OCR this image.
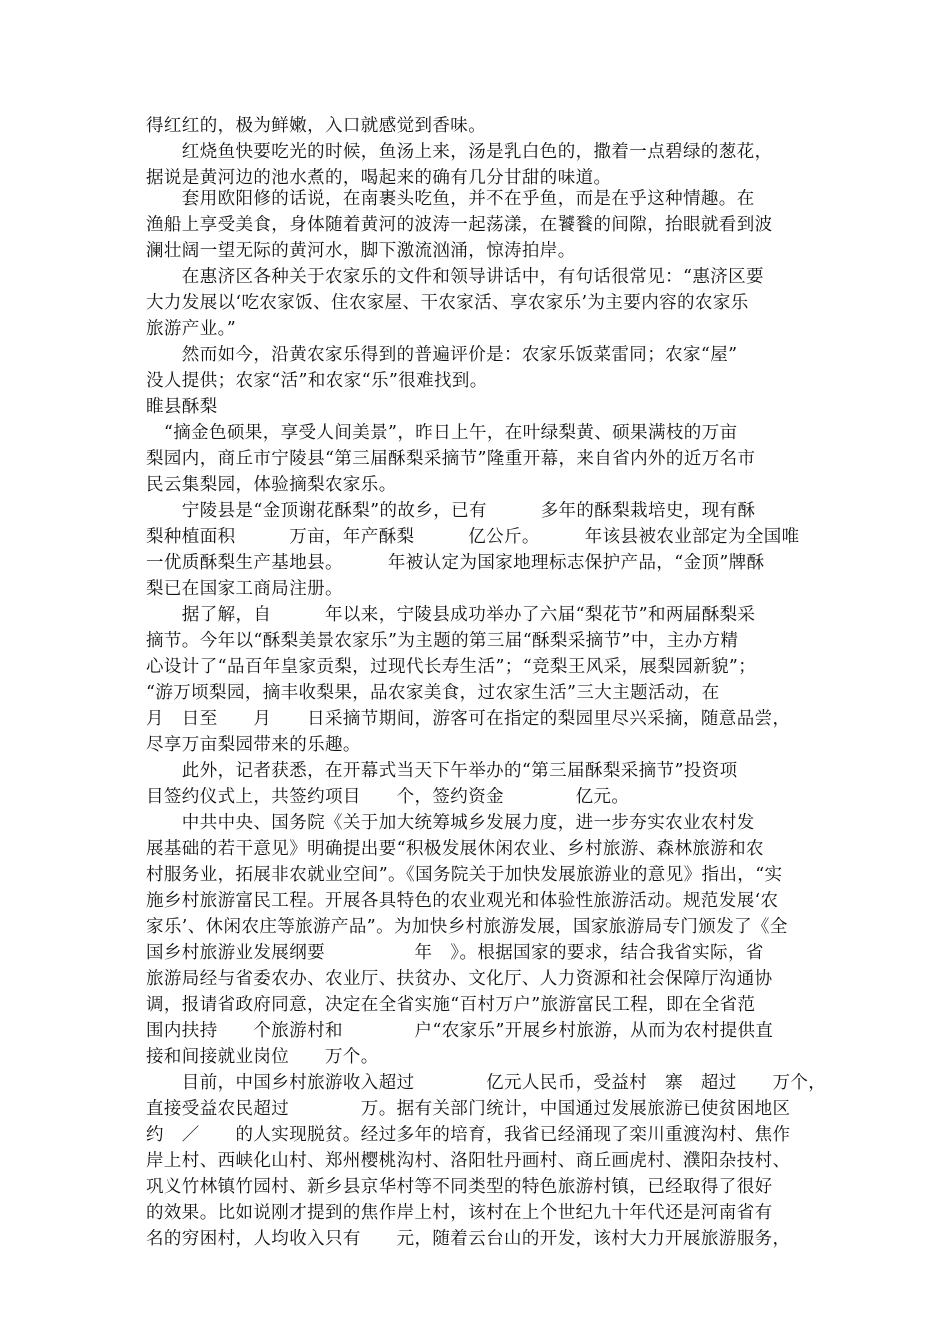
得红红的，极为鲜嫩，入口就感觉到香味。
　　红烧鱼快要吃光的时候，鱼汤上来，汤是乳白色的，撒着一点碧绿的葱花，
据说是黄河边的池水煮的，喝起来的确有几分甘甜的味道。
　　套用欧阳修的话说，在南裹头吃鱼，并不在乎鱼，而是在乎这种情趣。在
渔船上享受美食，身体随着黄河的波涛一起荡漾，在饕餮的间隙，抬眼就看到波
澜壮阔一望无际的黄河水，脚下激流汹涌，惊涛拍岸。
　　在惠济区各种关于农家乐的文件和领导讲话中，有句话很常见：“惠济区要
大力发展以‘吃农家饭、住农家屋、干农家活、享农家乐’为主要内容的农家乐
旅游产业。”
　　然而如今，沿黄农家乐得到的普遍评价是：农家乐饭菜雷同；农家“屋”
没人提供；农家“活”和农家“乐”很难找到。
睢县酥梨
　“摘金色硕果，享受人间美景”，昨日上午，在叶绿梨黄、硕果满枝的万亩
梨园内，商丘市宁陵县“第三届酥梨采摘节”隆重开幕，来自省内外的近万名市
民云集梨园，体验摘梨农家乐。
　　宁陵县是“金顶谢花酥梨”的故乡，已有　　　多年的酥梨栽培史，现有酥
梨种植面积　　　万亩，年产酥梨　　　亿公斤。　　　年该县被农业部定为全国唯
一优质酥梨生产基地县。　　　年被认定为国家地理标志保护产品，“金顶”牌酥
梨已在国家工商局注册。
　　据了解，自　　　年以来，宁陵县成功举办了六届“梨花节”和两届酥梨采
摘节。今年以“酥梨美景农家乐”为主题的第三届“酥梨采摘节”中，主办方精
心设计了“品百年皇家贡梨，过现代长寿生活”；“竞梨王风采，展梨园新貌”；
“游万顷梨园，摘丰收梨果，品农家美食，过农家生活”三大主题活动，在
月　日至　　月　　日采摘节期间，游客可在指定的梨园里尽兴采摘，随意品尝，
尽享万亩梨园带来的乐趣。
　　此外，记者获悉，在开幕式当天下午举办的“第三届酥梨采摘节”投资项
目签约仪式上，共签约项目　　个，签约资金　　　　亿元。
　　中共中央、国务院《关于加大统筹城乡发展力度，进一步夯实农业农村发
展基础的若干意见》明确提出要“积极发展休闲农业、乡村旅游、森林旅游和农
村服务业，拓展非农就业空间”。《国务院关于加快发展旅游业的意见》指出，“实
施乡村旅游富民工程。开展各具特色的农业观光和体验性旅游活动。规范发展‘农
家乐’、休闲农庄等旅游产品”。为加快乡村旅游发展，国家旅游局专门颁发了《全
国乡村旅游业发展纲要　　　　　年　》。根据国家的要求，结合我省实际，省
旅游局经与省委农办、农业厅、扶贫办、文化厅、人力资源和社会保障厅沟通协
调，报请省政府同意，决定在全省实施“百村万户”旅游富民工程，即在全省范
围内扶持　　个旅游村和　　　　户“农家乐”开展乡村旅游，从而为农村提供直
接和间接就业岗位　　万个。
　　目前，中国乡村旅游收入超过　　　　亿元人民币，受益村　寨　超过　　万个，
直接受益农民超过　　　　万。据有关部门统计，中国通过发展旅游已使贫困地区
约　／　　的人实现脱贫。经过多年的培育，我省已经涌现了栾川重渡沟村、焦作
岸上村、西峡化山村、郑州樱桃沟村、洛阳牡丹画村、商丘画虎村、濮阳杂技村、
巩义竹林镇竹园村、新乡县京华村等不同类型的特色旅游村镇，已经取得了很好
的效果。比如说刚才提到的焦作岸上村，该村在上个世纪九十年代还是河南省有
名的穷困村，人均收入只有　　元，随着云台山的开发，该村大力开展旅游服务，
